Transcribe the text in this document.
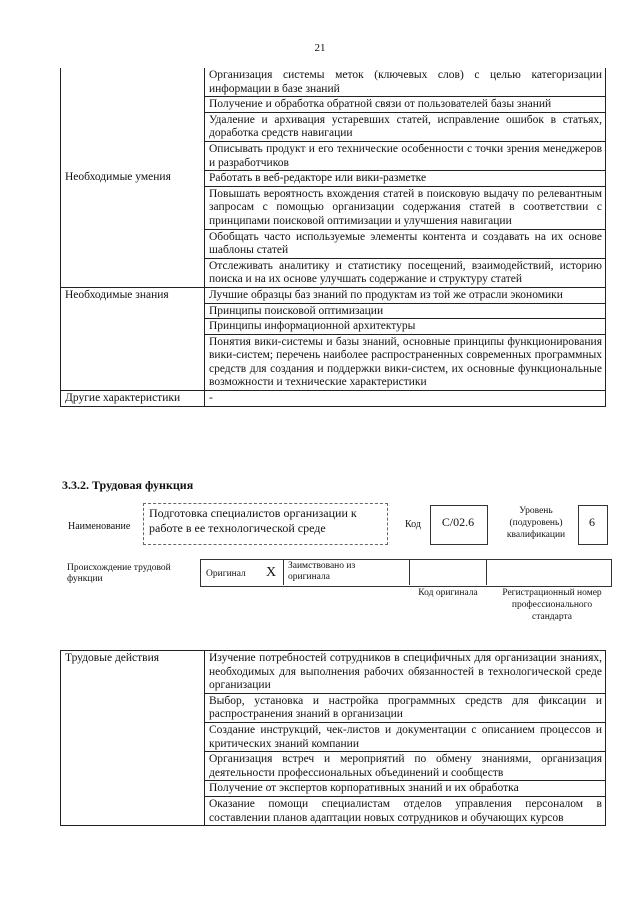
21
Необходимые умения	Организация системы меток (ключевых слов) с целью категоризации информации в базе знаний
	Получение и обработка обратной связи от пользователей базы знаний
	Удаление и архивация устаревших статей, исправление ошибок в статьях, доработка средств навигации
	Описывать продукт и его технические особенности с точки зрения менеджеров и разработчиков
	Работать в веб-редакторе или вики-разметке
	Повышать вероятность вхождения статей в поисковую выдачу по релевантным запросам с помощью организации содержания статей в соответствии с принципами поисковой оптимизации и улучшения навигации
	Обобщать часто используемые элементы контента и создавать на их основе шаблоны статей
	Отслеживать аналитику и статистику посещений, взаимодействий, историю поиска и на их основе улучшать содержание и структуру статей
Необходимые знания	Лучшие образцы баз знаний по продуктам из той же отрасли экономики
	Принципы поисковой оптимизации
	Принципы информационной архитектуры
	Понятия вики-системы и базы знаний, основные принципы функционирования вики-систем; перечень наиболее распространенных современных программных средств для создания и поддержки вики-систем, их основные функциональные возможности и технические характеристики
Другие характеристики	-
3.3.2. Трудовая функция
Наименование
Подготовка специалистов организации к работе в ее технологической среде	Код	C/02.6
Уровень (подуровень) квалификации
6
Происхождение трудовой функции	Оригинал X Заимствовано из оригинала
Код оригинала	Регистрационный номер профессионального стандарта
Трудовые действия	Изучение потребностей сотрудников в специфичных для организации знаниях, необходимых для выполнения рабочих обязанностей в технологической среде организации
Выбор, установка и настройка программных средств для фиксации и распространения знаний в организации
Создание инструкций, чек-листов и документации с описанием процессов и критических знаний компании
Организация встреч и мероприятий по обмену знаниями, организация деятельности профессиональных объединений и сообществ
Получение от экспертов корпоративных знаний и их обработка
Оказание помощи специалистам отделов управления персоналом в составлении планов адаптации новых сотрудников и обучающих курсов
